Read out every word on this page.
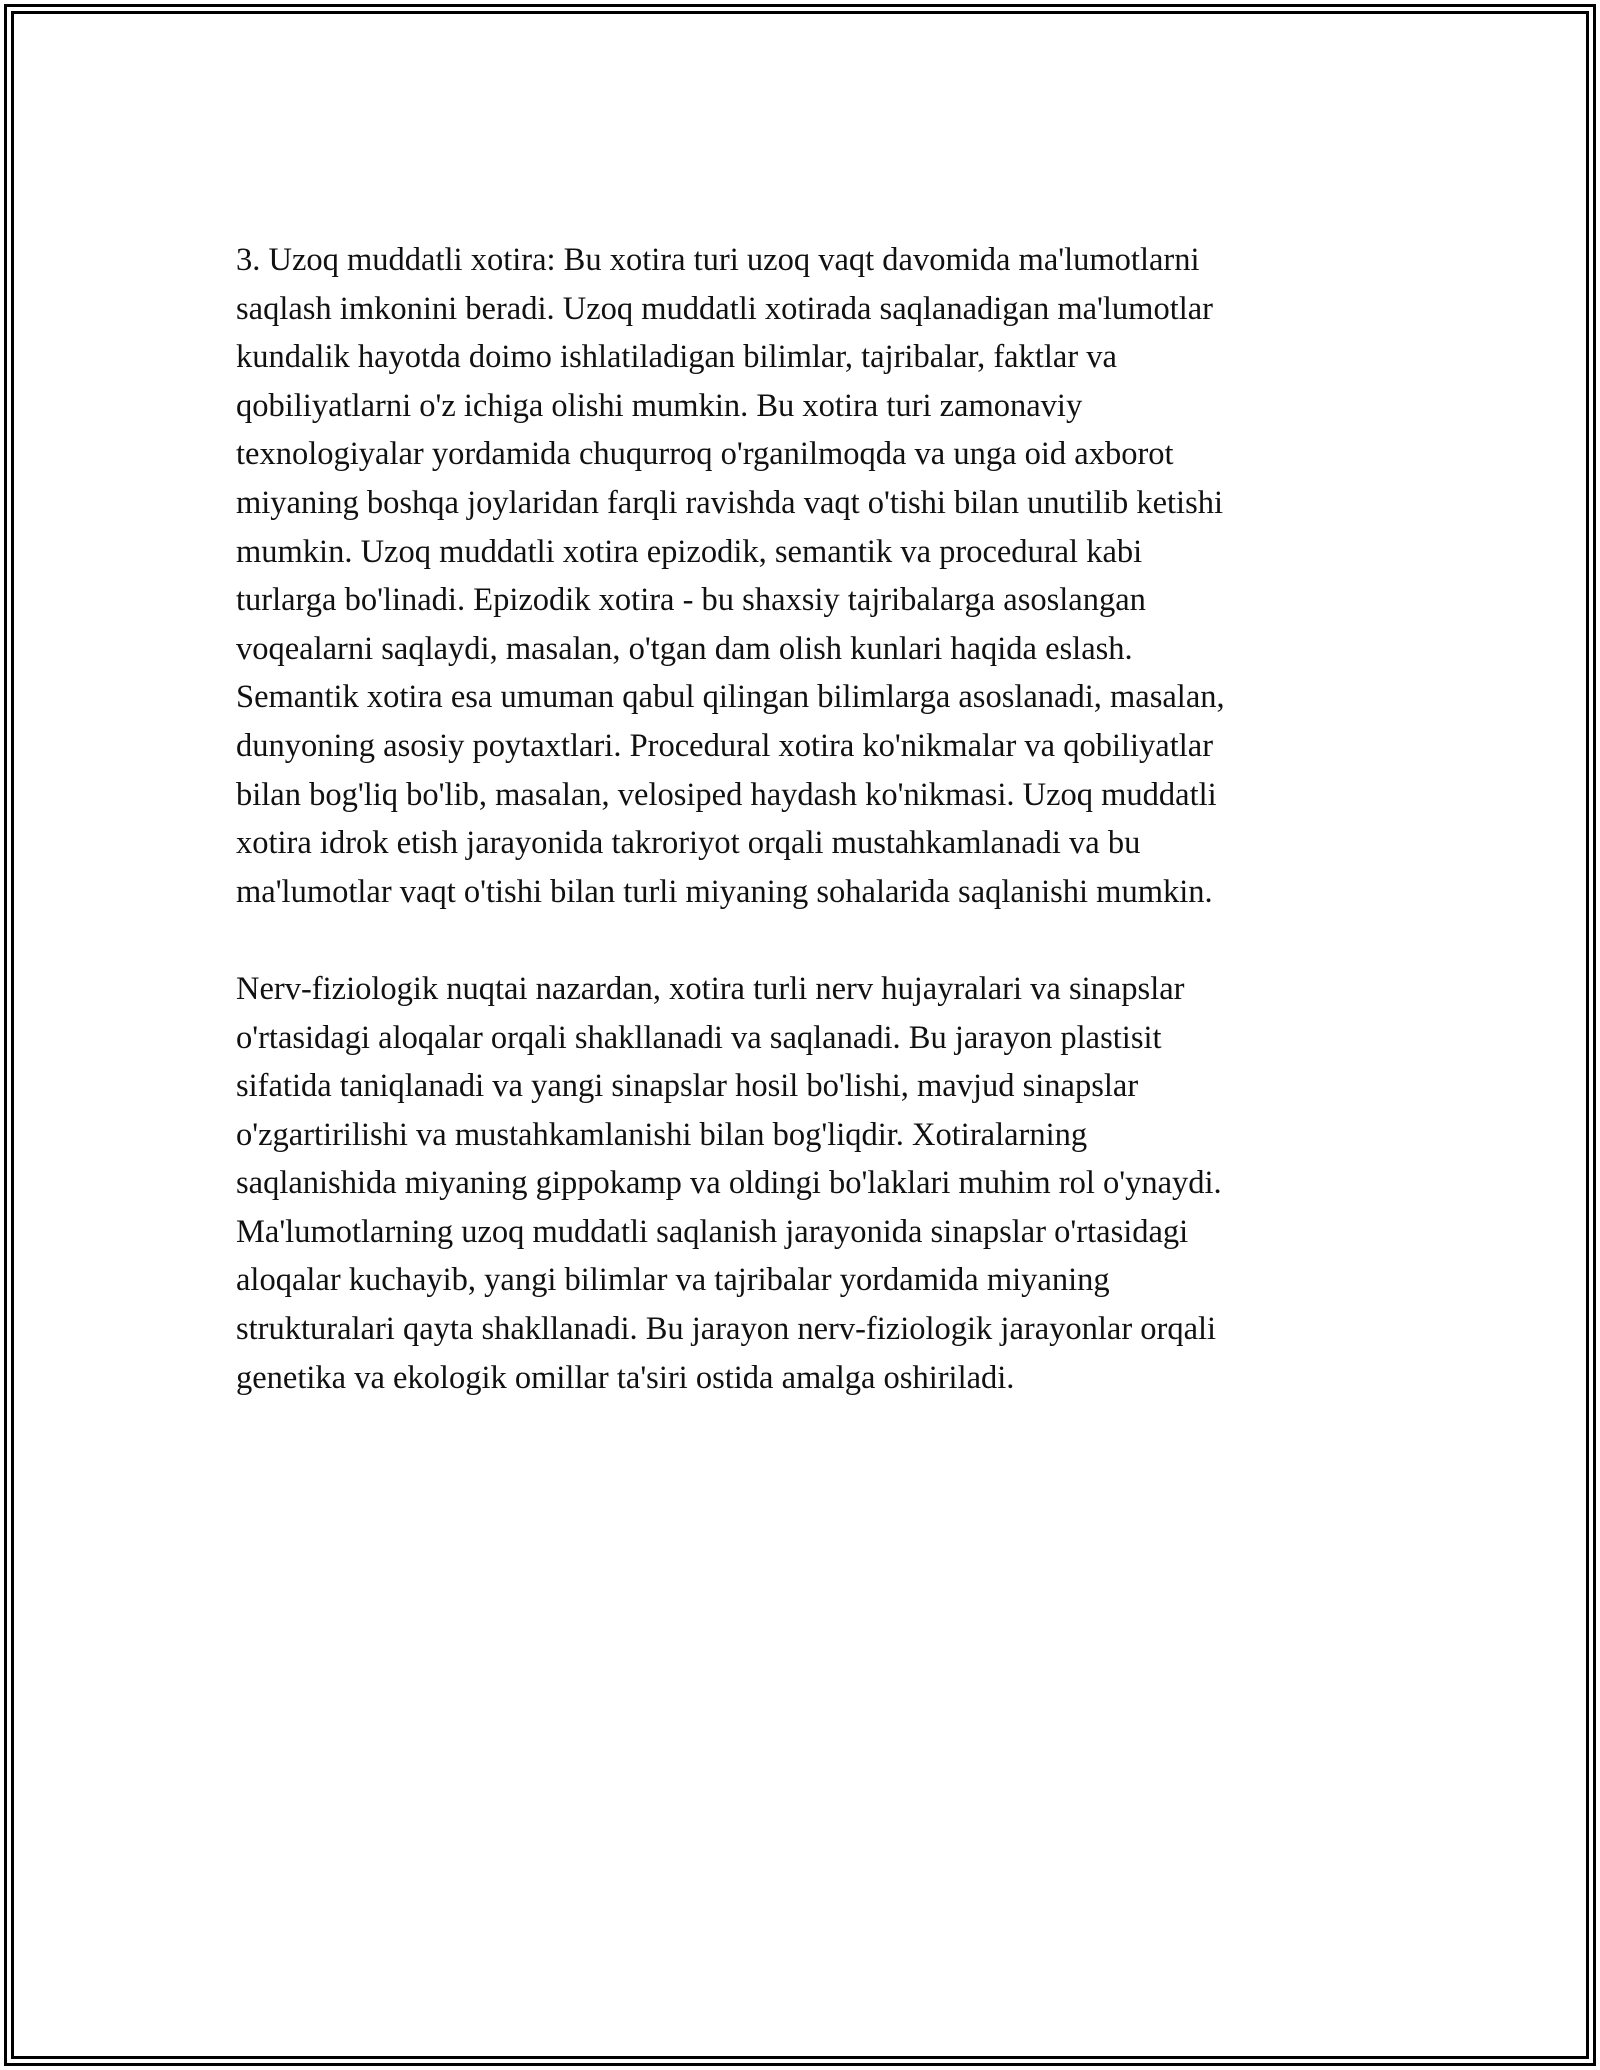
3. Uzoq muddatli xotira: Bu xotira turi uzoq vaqt davomida ma'lumotlarni
saqlash imkonini beradi. Uzoq muddatli xotirada saqlanadigan ma'lumotlar
kundalik hayotda doimo ishlatiladigan bilimlar, tajribalar, faktlar va
qobiliyatlarni o'z ichiga olishi mumkin. Bu xotira turi zamonaviy
texnologiyalar yordamida chuqurroq o'rganilmoqda va unga oid axborot
miyaning boshqa joylaridan farqli ravishda vaqt o'tishi bilan unutilib ketishi
mumkin. Uzoq muddatli xotira epizodik, semantik va procedural kabi
turlarga bo'linadi. Epizodik xotira - bu shaxsiy tajribalarga asoslangan
voqealarni saqlaydi, masalan, o'tgan dam olish kunlari haqida eslash.
Semantik xotira esa umuman qabul qilingan bilimlarga asoslanadi, masalan,
dunyoning asosiy poytaxtlari. Procedural xotira ko'nikmalar va qobiliyatlar
bilan bog'liq bo'lib, masalan, velosiped haydash ko'nikmasi. Uzoq muddatli
xotira idrok etish jarayonida takroriyot orqali mustahkamlanadi va bu
ma'lumotlar vaqt o'tishi bilan turli miyaning sohalarida saqlanishi mumkin.

Nerv-fiziologik nuqtai nazardan, xotira turli nerv hujayralari va sinapslar
o'rtasidagi aloqalar orqali shakllanadi va saqlanadi. Bu jarayon plastisit
sifatida taniqlanadi va yangi sinapslar hosil bo'lishi, mavjud sinapslar
o'zgartirilishi va mustahkamlanishi bilan bog'liqdir. Xotiralarning
saqlanishida miyaning gippokamp va oldingi bo'laklari muhim rol o'ynaydi.
Ma'lumotlarning uzoq muddatli saqlanish jarayonida sinapslar o'rtasidagi
aloqalar kuchayib, yangi bilimlar va tajribalar yordamida miyaning
strukturalari qayta shakllanadi. Bu jarayon nerv-fiziologik jarayonlar orqali
genetika va ekologik omillar ta'siri ostida amalga oshiriladi.
